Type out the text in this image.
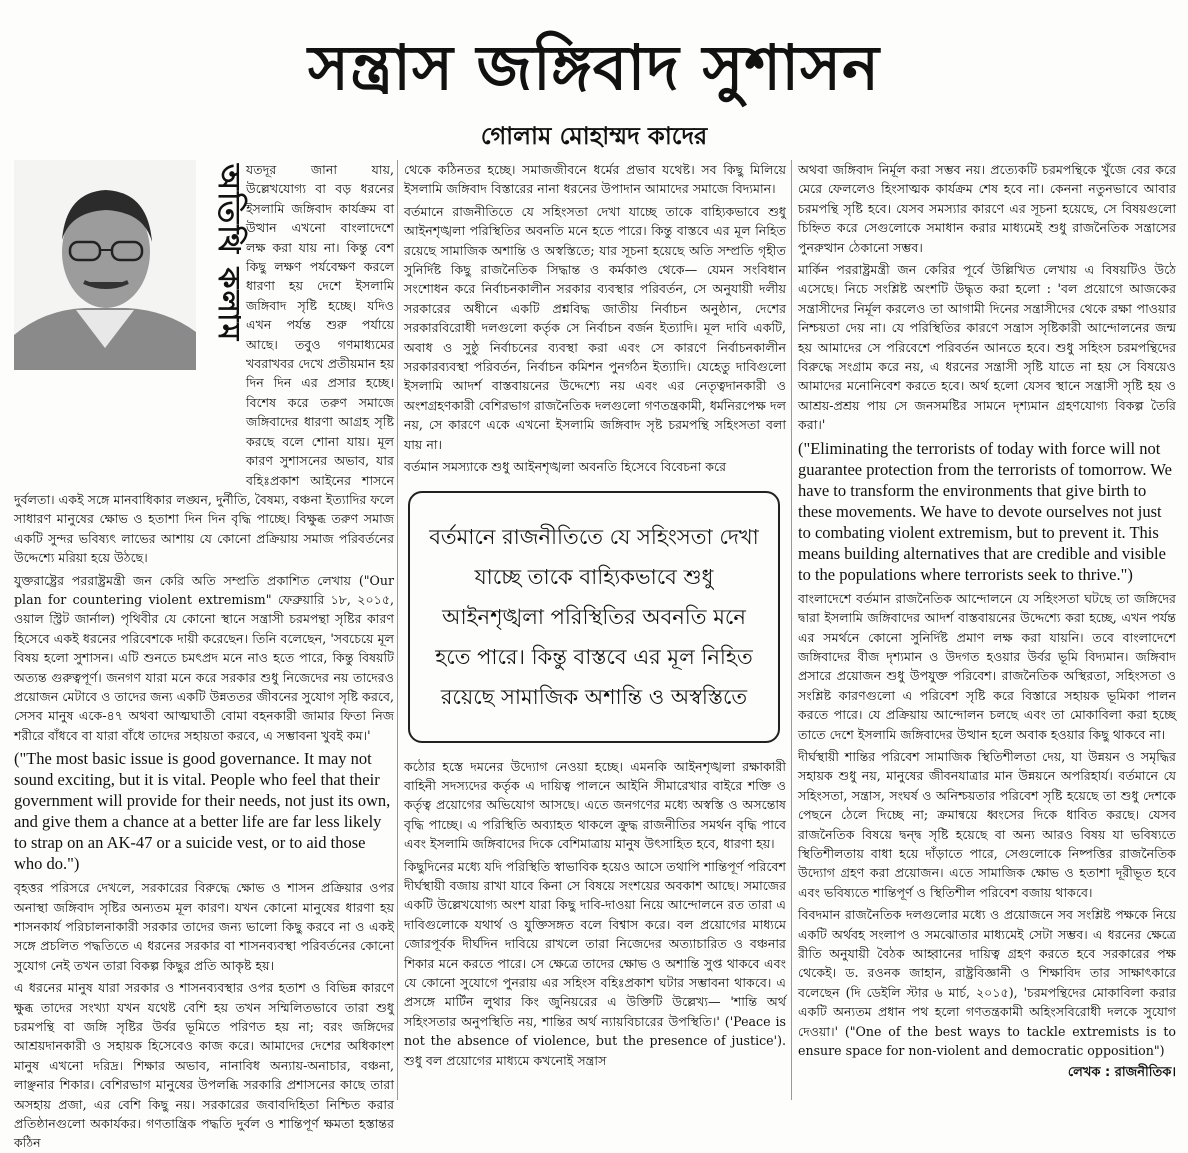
সন্ত্রাস জঙ্গিবাদ সুশাসন
গোলাম মোহাম্মদ কাদের
অতিথি কলাম যতদূর জানা যায়, উল্লেখযোগ্য বা বড় ধরনের ইসলামি জঙ্গিবাদ কার্যক্রম বা উত্থান এখনো বাংলাদেশে লক্ষ করা যায় না। কিন্তু বেশ কিছু লক্ষণ পর্যবেক্ষণ করলে ধারণা হয় দেশে ইসলামি জঙ্গিবাদ সৃষ্টি হচ্ছে। যদিও এখন পর্যন্ত শুরু পর্যায়ে আছে। তবুও গণমাধ্যমের খবরাখবর দেখে প্রতীয়মান হয় দিন দিন এর প্রসার হচ্ছে। বিশেষ করে তরুণ সমাজে জঙ্গিবাদের ধারণা আগ্রহ সৃষ্টি করছে বলে শোনা যায়। মূল কারণ সুশাসনের অভাব, যার বহিঃপ্রকাশ আইনের শাসনে দুর্বলতা। একই সঙ্গে মানবাধিকার লঙ্ঘন, দুর্নীতি, বৈষম্য, বঞ্চনা ইত্যাদির ফলে সাধারণ মানুষের ক্ষোভ ও হতাশা দিন দিন বৃদ্ধি পাচ্ছে। বিক্ষুব্ধ তরুণ সমাজ একটি সুন্দর ভবিষ্যৎ লাভের আশায় যে কোনো প্রক্রিয়ায় সমাজ পরিবর্তনের উদ্দেশ্যে মরিয়া হয়ে উঠছে।

যুক্তরাষ্ট্রের পররাষ্ট্রমন্ত্রী জন কেরি অতি সম্প্রতি প্রকাশিত লেখায় ("Our plan for countering violent extremism" ফেব্রুয়ারি ১৮, ২০১৫, ওয়াল স্ট্রিট জার্নাল) পৃথিবীর যে কোনো স্থানে সন্ত্রাসী চরমপন্থা সৃষ্টির কারণ হিসেবে একই ধরনের পরিবেশকে দায়ী করেছেন। তিনি বলেছেন, 'সবচেয়ে মূল বিষয় হলো সুশাসন। এটি শুনতে চমৎপ্রদ মনে নাও হতে পারে, কিন্তু বিষয়টি অত্যন্ত গুরুত্বপূর্ণ। জনগণ যারা মনে করে সরকার শুধু নিজেদের নয় তাদেরও প্রয়োজন মেটাবে ও তাদের জন্য একটি উন্নততর জীবনের সুযোগ সৃষ্টি করবে, সেসব মানুষ একে-৪৭ অথবা আত্মঘাতী বোমা বহনকারী জামার ফিতা নিজ শরীরে বাঁধবে বা যারা বাঁধে তাদের সহায়তা করবে, এ সম্ভাবনা খুবই কম।'

("The most basic issue is good governance. It may not sound exciting, but it is vital. People who feel that their government will provide for their needs, not just its own, and give them a chance at a better life are far less likely to strap on an AK-47 or a suicide vest, or to aid those who do.")

বৃহত্তর পরিসরে দেখলে, সরকারের বিরুদ্ধে ক্ষোভ ও শাসন প্রক্রিয়ার ওপর অনাস্থা জঙ্গিবাদ সৃষ্টির অন্যতম মূল কারণ। যখন কোনো মানুষের ধারণা হয় শাসনকার্য পরিচালনাকারী সরকার তাদের জন্য ভালো কিছু করবে না ও একই সঙ্গে প্রচলিত পদ্ধতিতে এ ধরনের সরকার বা শাসনব্যবস্থা পরিবর্তনের কোনো সুযোগ নেই তখন তারা বিকল্প কিছুর প্রতি আকৃষ্ট হয়।

এ ধরনের মানুষ যারা সরকার ও শাসনব্যবস্থার ওপর হতাশ ও বিভিন্ন কারণে ক্ষুব্ধ তাদের সংখ্যা যখন যথেষ্ট বেশি হয় তখন সম্মিলিতভাবে তারা শুধু চরমপন্থি বা জঙ্গি সৃষ্টির উর্বর ভূমিতে পরিণত হয় না; বরং জঙ্গিদের আশ্রয়দানকারী ও সহায়ক হিসেবেও কাজ করে। আমাদের দেশের অধিকাংশ মানুষ এখনো দরিদ্র। শিক্ষার অভাব, নানাবিধ অন্যায়-অনাচার, বঞ্চনা, লাঞ্ছনার শিকার। বেশিরভাগ মানুষের উপলব্ধি সরকারি প্রশাসনের কাছে তারা অসহায় প্রজা, এর বেশি কিছু নয়। সরকারের জবাবদিহিতা নিশ্চিত করার প্রতিষ্ঠানগুলো অকার্যকর। গণতান্ত্রিক পদ্ধতি দুর্বল ও শান্তিপূর্ণ ক্ষমতা হস্তান্তর কঠিন

থেকে কঠিনতর হচ্ছে। সমাজজীবনে ধর্মের প্রভাব যথেষ্ট। সব কিছু মিলিয়ে ইসলামি জঙ্গিবাদ বিস্তারের নানা ধরনের উপাদান আমাদের সমাজে বিদ্যমান।

বর্তমানে রাজনীতিতে যে সহিংসতা দেখা যাচ্ছে তাকে বাহ্যিকভাবে শুধু আইনশৃঙ্খলা পরিস্থিতির অবনতি মনে হতে পারে। কিন্তু বাস্তবে এর মূল নিহিত রয়েছে সামাজিক অশান্তি ও অস্বস্তিতে; যার সূচনা হয়েছে অতি সম্প্রতি গৃহীত সুনির্দিষ্ট কিছু রাজনৈতিক সিদ্ধান্ত ও কর্মকাণ্ড থেকে— যেমন সংবিধান সংশোধন করে নির্বাচনকালীন সরকার ব্যবস্থার পরিবর্তন, সে অনুযায়ী দলীয় সরকারের অধীনে একটি প্রশ্নবিদ্ধ জাতীয় নির্বাচন অনুষ্ঠান, দেশের সরকারবিরোধী দলগুলো কর্তৃক সে নির্বাচন বর্জন ইত্যাদি। মূল দাবি একটি, অবাধ ও সুষ্ঠু নির্বাচনের ব্যবস্থা করা এবং সে কারণে নির্বাচনকালীন সরকারব্যবস্থা পরিবর্তন, নির্বাচন কমিশন পুনর্গঠন ইত্যাদি। যেহেতু দাবিগুলো ইসলামি আদর্শ বাস্তবায়নের উদ্দেশ্যে নয় এবং এর নেতৃত্বদানকারী ও অংশগ্রহণকারী বেশিরভাগ রাজনৈতিক দলগুলো গণতন্ত্রকামী, ধর্মনিরপেক্ষ দল নয়, সে কারণে একে এখনো ইসলামি জঙ্গিবাদ সৃষ্ট চরমপন্থি সহিংসতা বলা যায় না।

বর্তমান সমস্যাকে শুধু আইনশৃঙ্খলা অবনতি হিসেবে বিবেচনা করে

বর্তমানে রাজনীতিতে যে সহিংসতা দেখা যাচ্ছে তাকে বাহ্যিকভাবে শুধু আইনশৃঙ্খলা পরিস্থিতির অবনতি মনে হতে পারে। কিন্তু বাস্তবে এর মূল নিহিত রয়েছে সামাজিক অশান্তি ও অস্বস্তিতে

কঠোর হস্তে দমনের উদ্যোগ নেওয়া হচ্ছে। এমনকি আইনশৃঙ্খলা রক্ষাকারী বাহিনী সদস্যদের কর্তৃক এ দায়িত্ব পালনে আইনি সীমারেখার বাইরে শক্তি ও কর্তৃত্ব প্রয়োগের অভিযোগ আসছে। এতে জনগণের মধ্যে অস্বস্তি ও অসন্তোষ বৃদ্ধি পাচ্ছে। এ পরিস্থিতি অব্যাহত থাকলে ক্রুদ্ধ রাজনীতির সমর্থন বৃদ্ধি পাবে এবং ইসলামি জঙ্গিবাদের দিকে বেশিমাত্রায় মানুষ উৎসাহিত হবে, ধারণা হয়।

কিছুদিনের মধ্যে যদি পরিস্থিতি স্বাভাবিক হয়েও আসে তথাপি শান্তিপূর্ণ পরিবেশ দীর্ঘস্থায়ী বজায় রাখা যাবে কিনা সে বিষয়ে সংশয়ের অবকাশ আছে। সমাজের একটি উল্লেখযোগ্য অংশ যারা কিছু দাবি-দাওয়া নিয়ে আন্দোলনে রত তারা এ দাবিগুলোকে যথার্থ ও যুক্তিসঙ্গত বলে বিশ্বাস করে। বল প্রয়োগের মাধ্যমে জোরপূর্বক দীর্ঘদিন দাবিয়ে রাখলে তারা নিজেদের অত্যাচারিত ও বঞ্চনার শিকার মনে করতে পারে। সে ক্ষেত্রে তাদের ক্ষোভ ও অশান্তি সুপ্ত থাকবে এবং যে কোনো সুযোগে পুনরায় এর সহিংস বহিঃপ্রকাশ ঘটার সম্ভাবনা থাকবে। এ প্রসঙ্গে মার্টিন লুথার কিং জুনিয়রের এ উক্তিটি উল্লেখ্য— 'শান্তি অর্থ সহিংসতার অনুপস্থিতি নয়, শান্তির অর্থ ন্যায়বিচারের উপস্থিতি।' ('Peace is not the absence of violence, but the presence of justice'). শুধু বল প্রয়োগের মাধ্যমে কখনোই সন্ত্রাস

অথবা জঙ্গিবাদ নির্মূল করা সম্ভব নয়। প্রত্যেকটি চরমপন্থিকে খুঁজে বের করে মেরে ফেললেও হিংসাত্মক কার্যক্রম শেষ হবে না। কেননা নতুনভাবে আবার চরমপন্থি সৃষ্টি হবে। যেসব সমস্যার কারণে এর সূচনা হয়েছে, সে বিষয়গুলো চিহ্নিত করে সেগুলোকে সমাধান করার মাধ্যমেই শুধু রাজনৈতিক সন্ত্রাসের পুনরুত্থান ঠেকানো সম্ভব।

মার্কিন পররাষ্ট্রমন্ত্রী জন কেরির পূর্বে উল্লিখিত লেখায় এ বিষয়টিও উঠে এসেছে। নিচে সংশ্লিষ্ট অংশটি উদ্ধৃত করা হলো : 'বল প্রয়োগে আজকের সন্ত্রাসীদের নির্মূল করলেও তা আগামী দিনের সন্ত্রাসীদের থেকে রক্ষা পাওয়ার নিশ্চয়তা দেয় না। যে পরিস্থিতির কারণে সন্ত্রাস সৃষ্টিকারী আন্দোলনের জন্ম হয় আমাদের সে পরিবেশে পরিবর্তন আনতে হবে। শুধু সহিংস চরমপন্থিদের বিরুদ্ধে সংগ্রাম করে নয়, এ ধরনের সন্ত্রাসী সৃষ্টি যাতে না হয় সে বিষয়েও আমাদের মনোনিবেশ করতে হবে। অর্থ হলো যেসব স্থানে সন্ত্রাসী সৃষ্টি হয় ও আশ্রয়-প্রশ্রয় পায় সে জনসমষ্টির সামনে দৃশ্যমান গ্রহণযোগ্য বিকল্প তৈরি করা।'

("Eliminating the terrorists of today with force will not guarantee protection from the terrorists of tomorrow. We have to transform the environments that give birth to these movements. We have to devote ourselves not just to combating violent extremism, but to prevent it. This means building alternatives that are credible and visible to the populations where terrorists seek to thrive.")

বাংলাদেশে বর্তমান রাজনৈতিক আন্দোলনে যে সহিংসতা ঘটছে তা জঙ্গিদের দ্বারা ইসলামি জঙ্গিবাদের আদর্শ বাস্তবায়নের উদ্দেশ্যে করা হচ্ছে, এখন পর্যন্ত এর সমর্থনে কোনো সুনির্দিষ্ট প্রমাণ লক্ষ করা যায়নি। তবে বাংলাদেশে জঙ্গিবাদের বীজ দৃশ্যমান ও উদগত হওয়ার উর্বর ভূমি বিদ্যমান। জঙ্গিবাদ প্রসারে প্রয়োজন শুধু উপযুক্ত পরিবেশ। রাজনৈতিক অস্থিরতা, সহিংসতা ও সংশ্লিষ্ট কারণগুলো এ পরিবেশ সৃষ্টি করে বিস্তারে সহায়ক ভূমিকা পালন করতে পারে। যে প্রক্রিয়ায় আন্দোলন চলছে এবং তা মোকাবিলা করা হচ্ছে তাতে দেশে ইসলামি জঙ্গিবাদের উত্থান হলে অবাক হওয়ার কিছু থাকবে না।

দীর্ঘস্থায়ী শান্তির পরিবেশ সামাজিক স্থিতিশীলতা দেয়, যা উন্নয়ন ও সমৃদ্ধির সহায়ক শুধু নয়, মানুষের জীবনযাত্রার মান উন্নয়নে অপরিহার্য। বর্তমানে যে সহিংসতা, সন্ত্রাস, সংঘর্ষ ও অনিশ্চয়তার পরিবেশ সৃষ্টি হয়েছে তা শুধু দেশকে পেছনে ঠেলে দিচ্ছে না; ক্রমান্বয়ে ধ্বংসের দিকে ধাবিত করছে। যেসব রাজনৈতিক বিষয়ে দ্বন্দ্ব সৃষ্টি হয়েছে বা অন্য আরও বিষয় যা ভবিষ্যতে স্থিতিশীলতায় বাধা হয়ে দাঁড়াতে পারে, সেগুলোকে নিষ্পত্তির রাজনৈতিক উদ্যোগ গ্রহণ করা প্রয়োজন। এতে সামাজিক ক্ষোভ ও হতাশা দূরীভূত হবে এবং ভবিষ্যতে শান্তিপূর্ণ ও স্থিতিশীল পরিবেশ বজায় থাকবে।

বিবদমান রাজনৈতিক দলগুলোর মধ্যে ও প্রয়োজনে সব সংশ্লিষ্ট পক্ষকে নিয়ে একটি অর্থবহ সংলাপ ও সমঝোতার মাধ্যমেই সেটা সম্ভব। এ ধরনের ক্ষেত্রে রীতি অনুযায়ী বৈঠক আহ্বানের দায়িত্ব গ্রহণ করতে হবে সরকারের পক্ষ থেকেই। ড. রওনক জাহান, রাষ্ট্রবিজ্ঞানী ও শিক্ষাবিদ তার সাক্ষাৎকারে বলেছেন (দি ডেইলি স্টার ৬ মার্চ, ২০১৫), 'চরমপন্থিদের মোকাবিলা করার একটি অন্যতম প্রধান পথ হলো গণতন্ত্রকামী অহিংসবিরোধী দলকে সুযোগ দেওয়া।' ("One of the best ways to tackle extremists is to ensure space for non-violent and democratic opposition")

লেখক : রাজনীতিক।
